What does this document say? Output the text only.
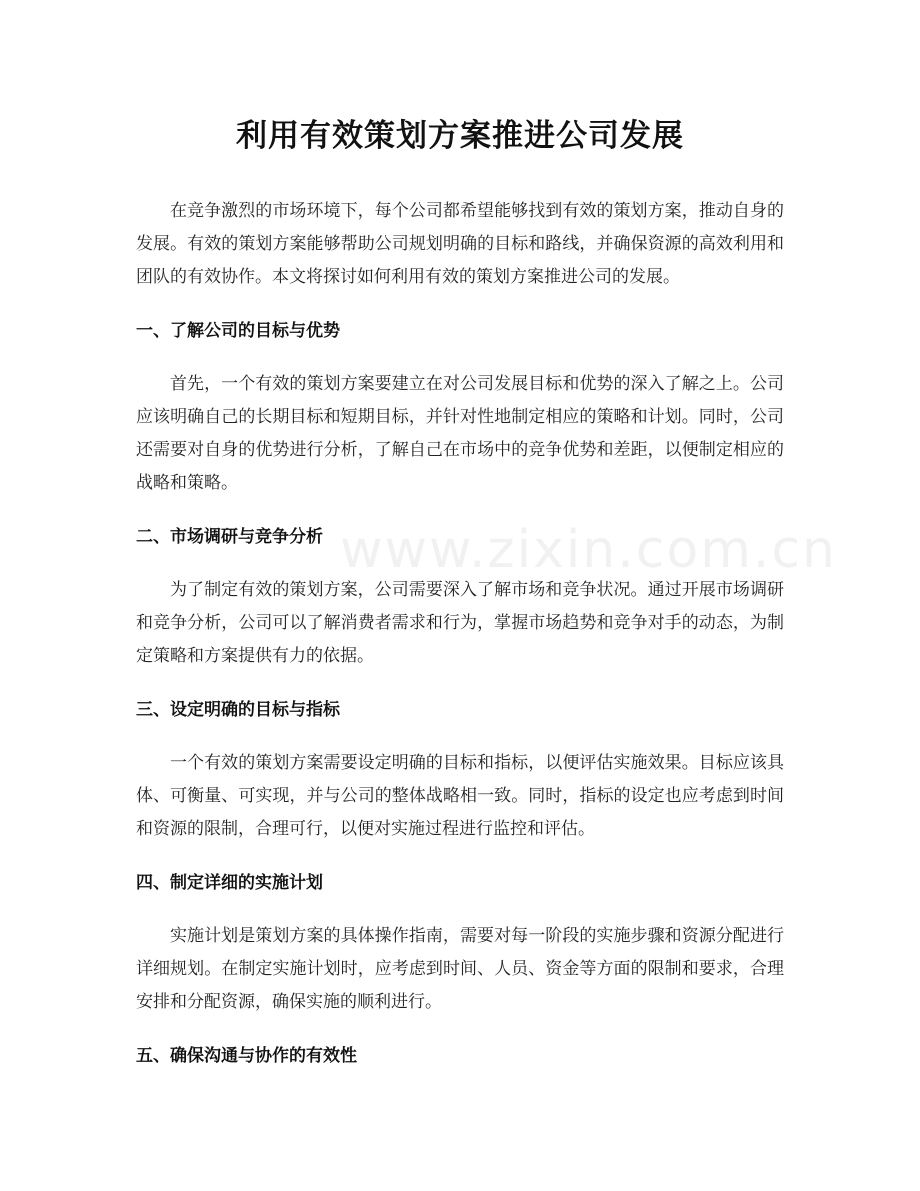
利用有效策划方案推进公司发展

在竞争激烈的市场环境下，每个公司都希望能够找到有效的策划方案，推动自身的发展。有效的策划方案能够帮助公司规划明确的目标和路线，并确保资源的高效利用和团队的有效协作。本文将探讨如何利用有效的策划方案推进公司的发展。

一、了解公司的目标与优势

首先，一个有效的策划方案要建立在对公司发展目标和优势的深入了解之上。公司应该明确自己的长期目标和短期目标，并针对性地制定相应的策略和计划。同时，公司还需要对自身的优势进行分析，了解自己在市场中的竞争优势和差距，以便制定相应的战略和策略。

二、市场调研与竞争分析

为了制定有效的策划方案，公司需要深入了解市场和竞争状况。通过开展市场调研和竞争分析，公司可以了解消费者需求和行为，掌握市场趋势和竞争对手的动态，为制定策略和方案提供有力的依据。

三、设定明确的目标与指标

一个有效的策划方案需要设定明确的目标和指标，以便评估实施效果。目标应该具体、可衡量、可实现，并与公司的整体战略相一致。同时，指标的设定也应考虑到时间和资源的限制，合理可行，以便对实施过程进行监控和评估。

四、制定详细的实施计划

实施计划是策划方案的具体操作指南，需要对每一阶段的实施步骤和资源分配进行详细规划。在制定实施计划时，应考虑到时间、人员、资金等方面的限制和要求，合理安排和分配资源，确保实施的顺利进行。

五、确保沟通与协作的有效性
www.zixin.com.cn
